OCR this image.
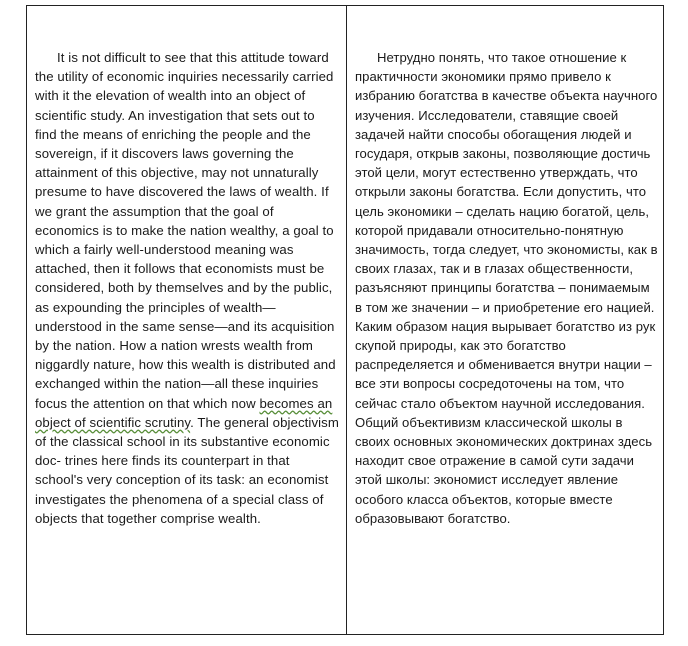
It is not difficult to see that this attitude toward the utility of economic inquiries necessarily carried with it the elevation of wealth into an object of scientific study. An investigation that sets out to find the means of enriching the people and the sovereign, if it discovers laws governing the attainment of this objective, may not unnaturally presume to have discovered the laws of wealth. If we grant the assumption that the goal of economics is to make the nation wealthy, a goal to which a fairly well-understood meaning was attached, then it follows that economists must be considered, both by themselves and by the public, as expounding the principles of wealth—understood in the same sense—and its acquisition by the nation. How a nation wrests wealth from niggardly nature, how this wealth is distributed and exchanged within the nation—all these inquiries focus the attention on that which now becomes an object of scientific scrutiny. The general objectivism of the classical school in its substantive economic doc- trines here finds its counterpart in that school's very conception of its task: an economist investigates the phenomena of a special class of objects that together comprise wealth.

Нетрудно понять, что такое отношение к практичности экономики прямо привело к избранию богатства в качестве объекта научного изучения. Исследователи, ставящие своей задачей найти способы обогащения людей и государя, открыв законы, позволяющие достичь этой цели, могут естественно утверждать, что открыли законы богатства. Если допустить, что цель экономики – сделать нацию богатой, цель, которой придавали относительно-понятную значимость, тогда следует, что экономисты, как в своих глазах, так и в глазах общественности, разъясняют принципы богатства – понимаемым в том же значении – и приобретение его нацией. Каким образом нация вырывает богатство из рук скупой природы, как это богатство распределяется и обменивается внутри нации – все эти вопросы сосредоточены на том, что сейчас стало объектом научной исследования. Общий объективизм классической школы в своих основных экономических доктринах здесь находит свое отражение в самой сути задачи этой школы: экономист исследует явление особого класса объектов, которые вместе образовывают богатство.
